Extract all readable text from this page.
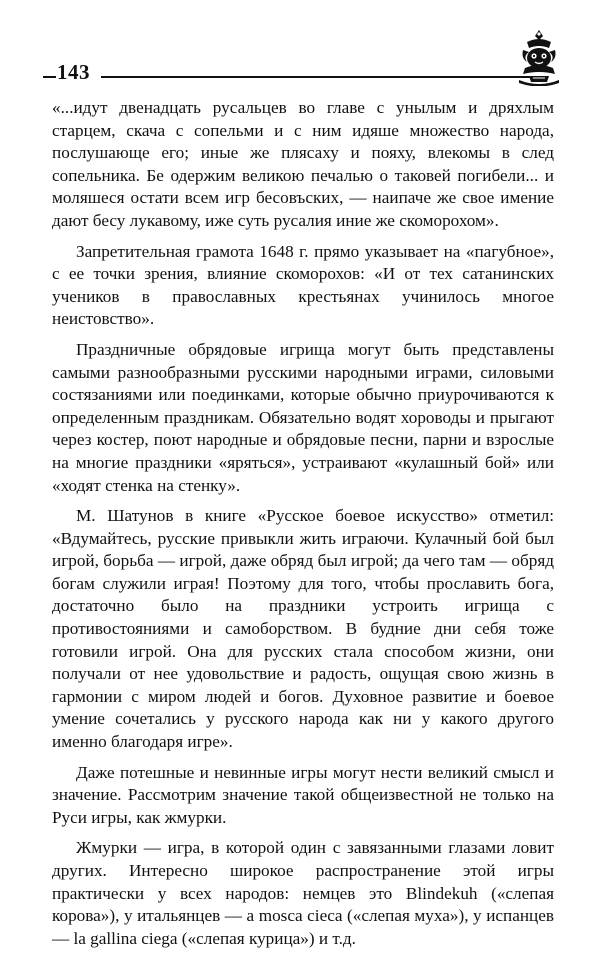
143

«...идут двенадцать русальцев во главе с унылым и дряхлым старцем, скача с сопельми и с ним идяше множество народа, послушающе его; иные же плясаху и пояху, влекомы в след сопельника. Бе одержим великою печалью о таковей погибели... и моляшеся остати всем игр бесовъских, — наипаче же свое имение дают бесу лукавому, иже суть русалия иние же скоморохом».

Запретительная грамота 1648 г. прямо указывает на «пагубное», с ее точки зрения, влияние скоморохов: «И от тех сатанинских учеников в православных крестьянах учинилось многое неистовство».

Праздничные обрядовые игрища могут быть представлены самыми разнообразными русскими народными играми, силовыми состязаниями или поединками, которые обычно приурочиваются к определенным праздникам. Обязательно водят хороводы и прыгают через костер, поют народные и обрядовые песни, парни и взрослые на многие праздники «яряться», устраивают «кулашный бой» или «ходят стенка на стенку».

М. Шатунов в книге «Русское боевое искусство» отметил: «Вдумайтесь, русские привыкли жить играючи. Кулачный бой был игрой, борьба — игрой, даже обряд был игрой; да чего там — обряд богам служили играя! Поэтому для того, чтобы прославить бога, достаточно было на праздники устроить игрища с противостояниями и самоборством. В будние дни себя тоже готовили игрой. Она для русских стала способом жизни, они получали от нее удовольствие и радость, ощущая свою жизнь в гармонии с миром людей и богов. Духовное развитие и боевое умение сочетались у русского народа как ни у какого другого именно благодаря игре».

Даже потешные и невинные игры могут нести великий смысл и значение. Рассмотрим значение такой общеизвестной не только на Руси игры, как жмурки.

Жмурки — игра, в которой один с завязанными глазами ловит других. Интересно широкое распространение этой игры практически у всех народов: немцев это Blindekuh («слепая корова»), у итальянцев — a mosca cieca («слепая муха»), у испанцев — la gallina ciega («слепая курица») и т.д.
